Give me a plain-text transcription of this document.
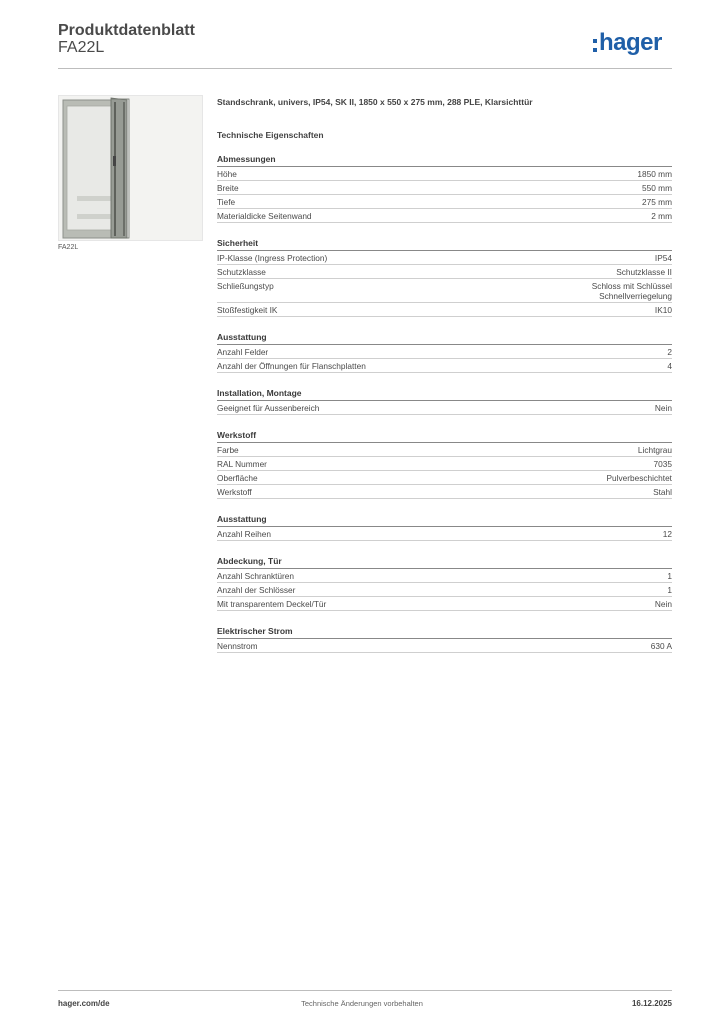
Produktdatenblatt
FA22L	hager
FA22L
Standschrank, univers, IP54, SK II, 1850 x 550 x 275 mm, 288 PLE, Klarsichttür
Technische Eigenschaften
Abmessungen
Höhe	1850 mm
Breite	550 mm
Tiefe	275 mm
Materialdicke Seitenwand	2 mm
Sicherheit
IP-Klasse (Ingress Protection)	IP54
Schutzklasse	Schutzklasse II
Schließungstyp	Schloss mit Schlüssel
Schnellverriegelung
Stoßfestigkeit IK	IK10
Ausstattung
Anzahl Felder	2
Anzahl der Öffnungen für Flanschplatten	4
Installation, Montage
Geeignet für Aussenbereich	Nein
Werkstoff
Farbe	Lichtgrau
RAL Nummer	7035
Oberfläche	Pulverbeschichtet
Werkstoff	Stahl
Ausstattung
Anzahl Reihen	12
Abdeckung, Tür
Anzahl Schranktüren	1
Anzahl der Schlösser	1
Mit transparentem Deckel/Tür	Nein
Elektrischer Strom
Nennstrom	630 A
hager.com/de	Technische Änderungen vorbehalten	16.12.2025
